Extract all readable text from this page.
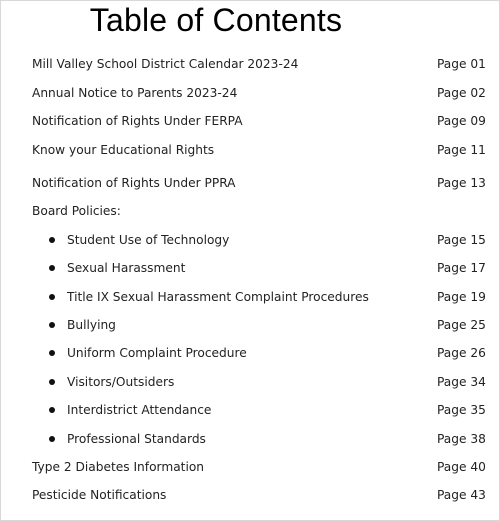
Table of Contents
Mill Valley School District Calendar 2023-24	Page 01
Annual Notice to Parents 2023-24	Page 02
Notification of Rights Under FERPA	Page 09
Know your Educational Rights	Page 11
Notification of Rights Under PPRA	Page 13
Board Policies:
Student Use of Technology	Page 15
Sexual Harassment	Page 17
Title IX Sexual Harassment Complaint Procedures	Page 19
Bullying	Page 25
Uniform Complaint Procedure	Page 26
Visitors/Outsiders	Page 34
Interdistrict Attendance	Page 35
Professional Standards	Page 38
Type 2 Diabetes Information	Page 40
Pesticide Notifications	Page 43
